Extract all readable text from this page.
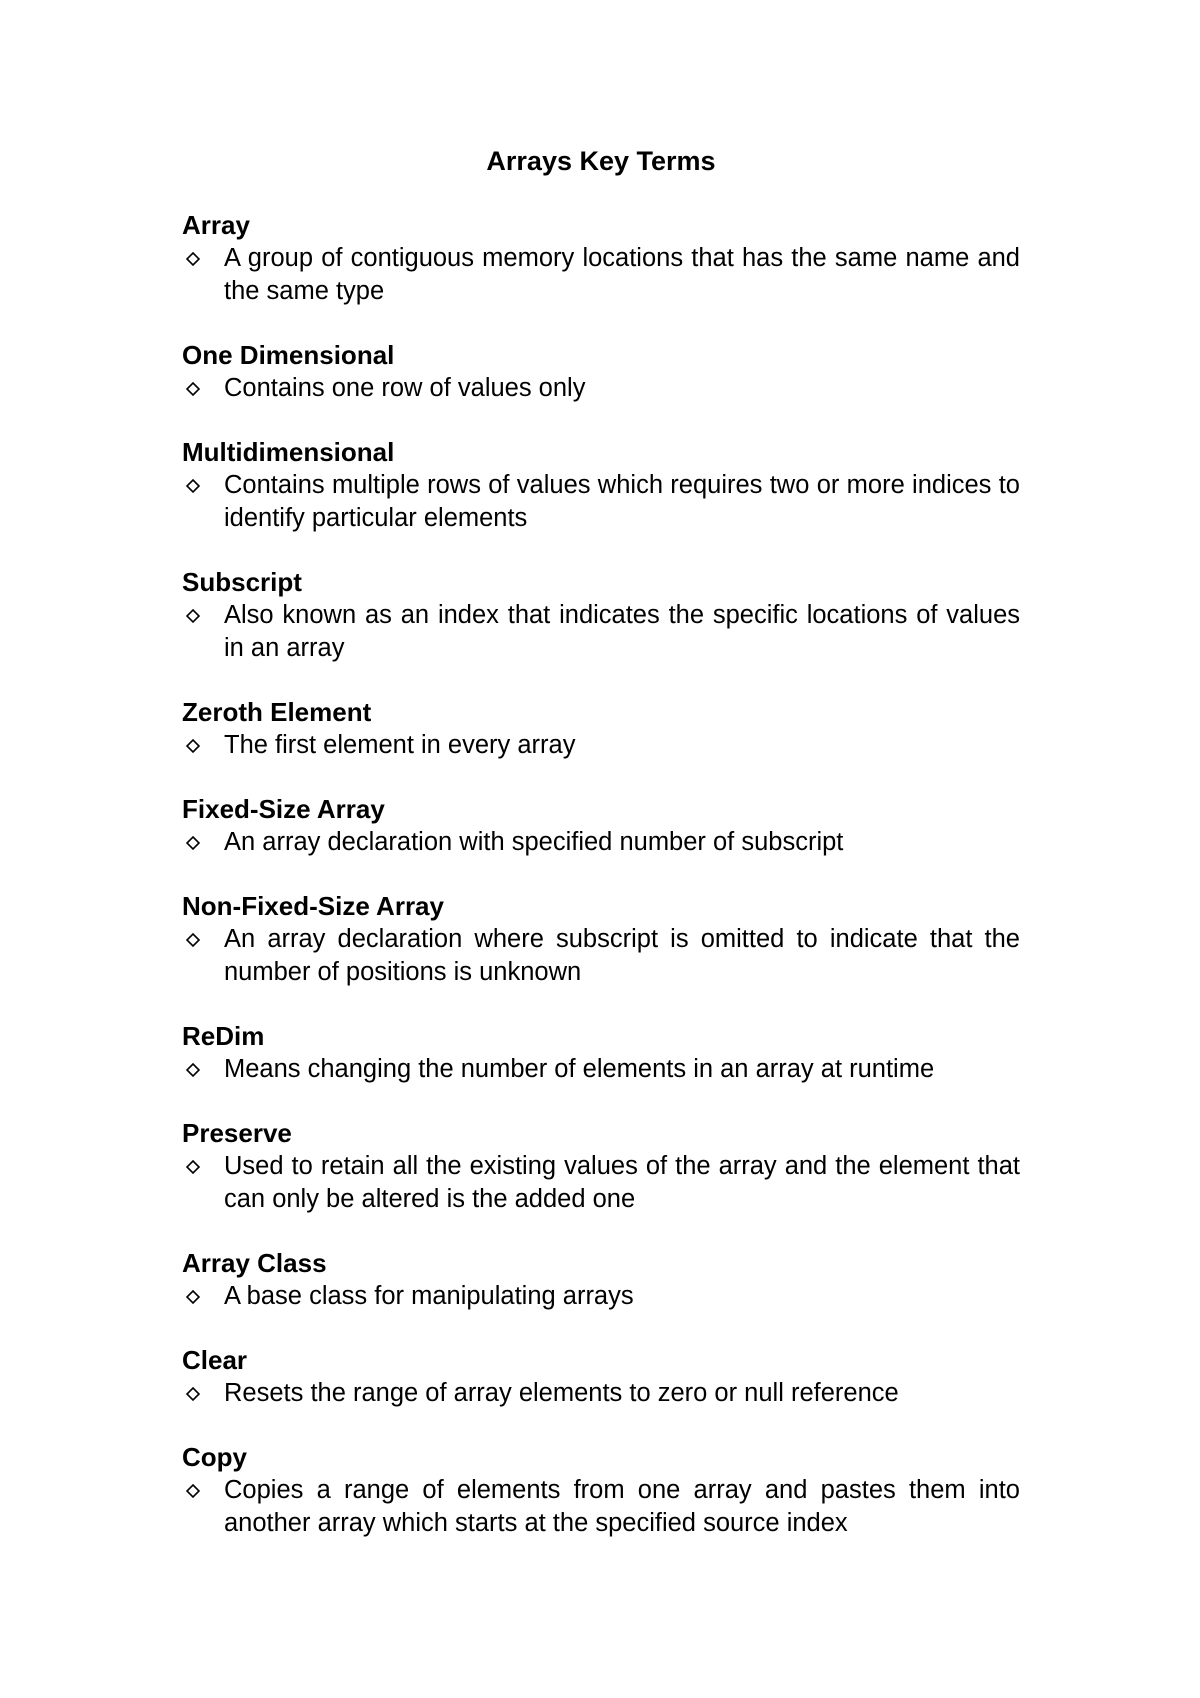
Arrays Key Terms
Array
A group of contiguous memory locations that has the same name and the same type
One Dimensional
Contains one row of values only
Multidimensional
Contains multiple rows of values which requires two or more indices to identify particular elements
Subscript
Also known as an index that indicates the specific locations of values in an array
Zeroth Element
The first element in every array
Fixed-Size Array
An array declaration with specified number of subscript
Non-Fixed-Size Array
An array declaration where subscript is omitted to indicate that the number of positions is unknown
ReDim
Means changing the number of elements in an array at runtime
Preserve
Used to retain all the existing values of the array and the element that can only be altered is the added one
Array Class
A base class for manipulating arrays
Clear
Resets the range of array elements to zero or null reference
Copy
Copies a range of elements from one array and pastes them into another array which starts at the specified source index
